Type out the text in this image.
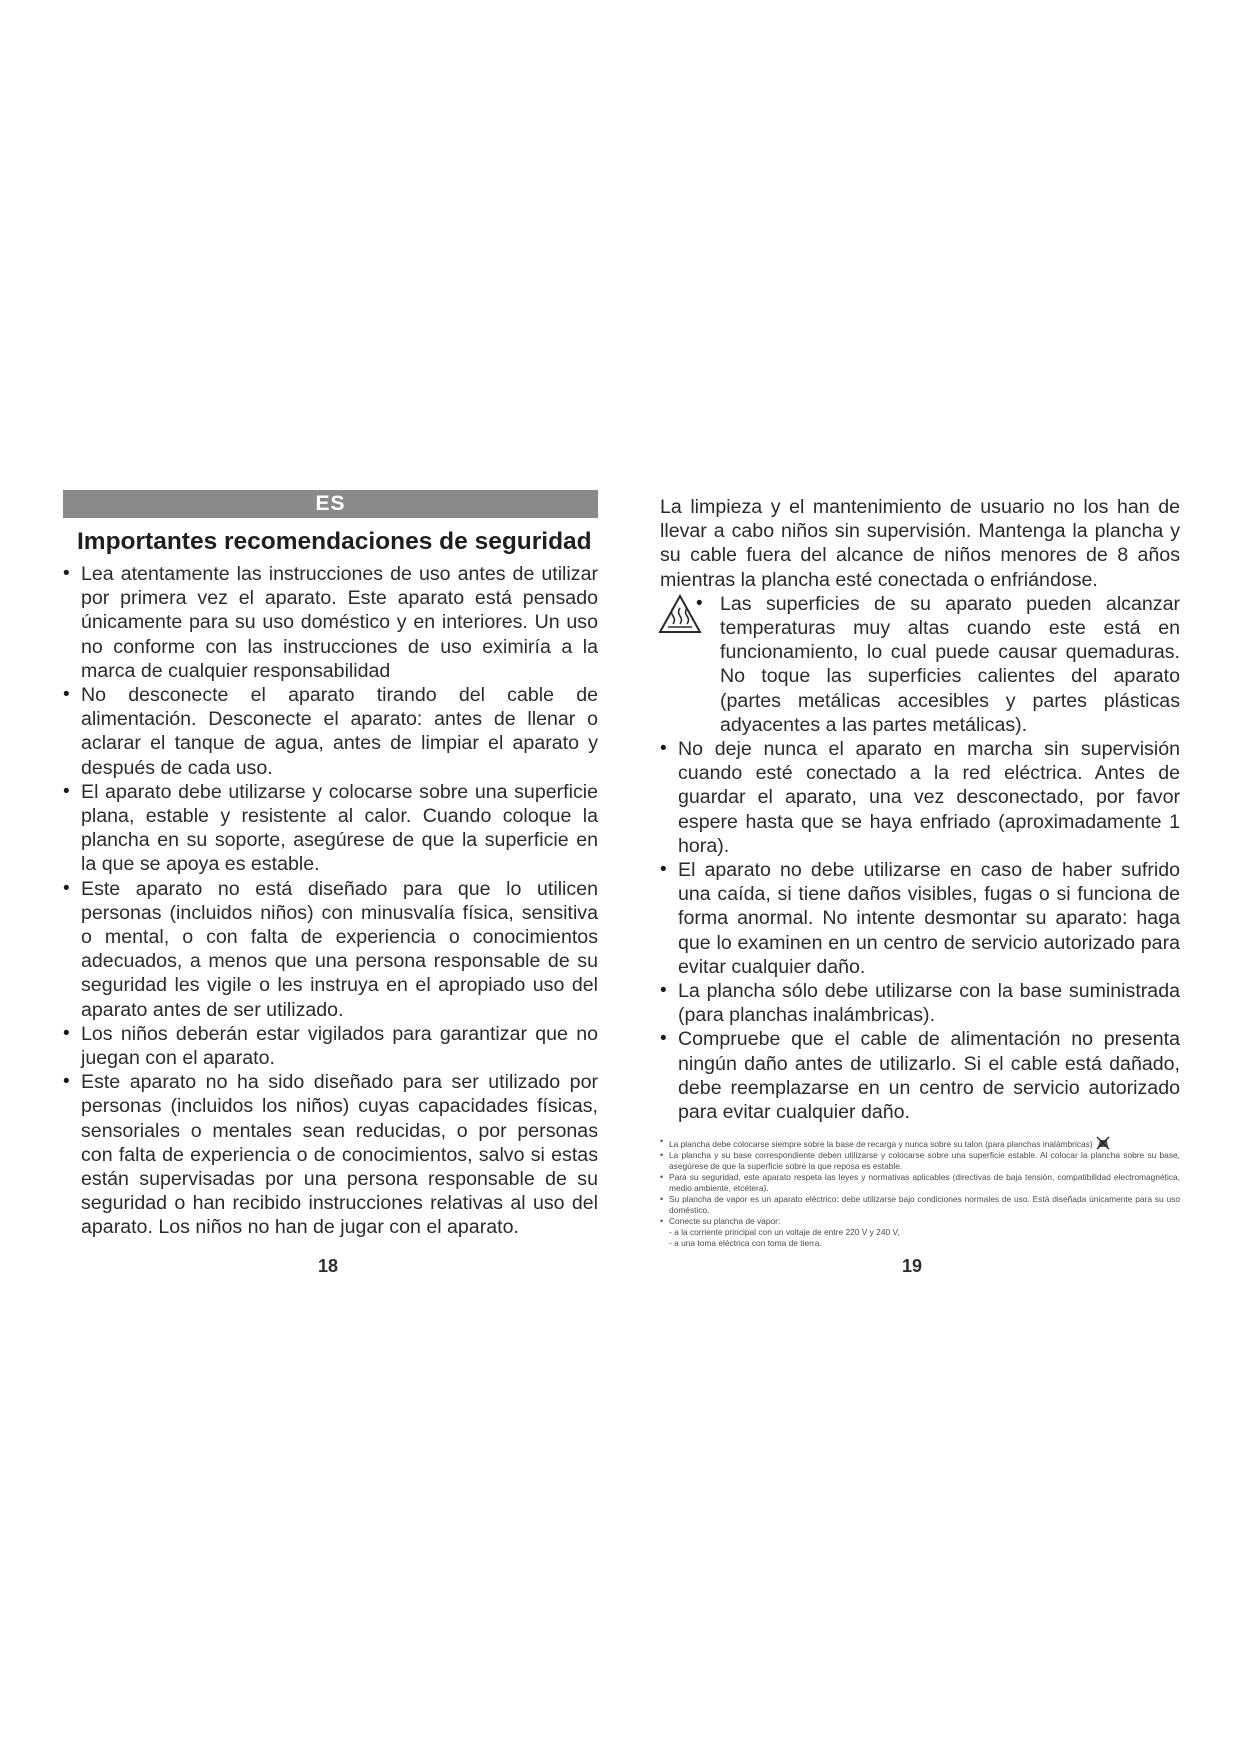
ES
Importantes recomendaciones de seguridad
• Lea atentamente las instrucciones de uso antes de utilizar por primera vez el aparato. Este aparato está pensado únicamente para su uso doméstico y en interiores. Un uso no conforme con las instrucciones de uso eximiría a la marca de cualquier responsabilidad
• No desconecte el aparato tirando del cable de alimentación. Desconecte el aparato: antes de llenar o aclarar el tanque de agua, antes de limpiar el aparato y después de cada uso.
• El aparato debe utilizarse y colocarse sobre una superficie plana, estable y resistente al calor. Cuando coloque la plancha en su soporte, asegúrese de que la superficie en la que se apoya es estable.
• Este aparato no está diseñado para que lo utilicen personas (incluidos niños) con minusvalía física, sensitiva o mental, o con falta de experiencia o conocimientos adecuados, a menos que una persona responsable de su seguridad les vigile o les instruya en el apropiado uso del aparato antes de ser utilizado.
• Los niños deberán estar vigilados para garantizar que no juegan con el aparato.
• Este aparato no ha sido diseñado para ser utilizado por personas (incluidos los niños) cuyas capacidades físicas, sensoriales o mentales sean reducidas, o por personas con falta de experiencia o de conocimientos, salvo si estas están supervisadas por una persona responsable de su seguridad o han recibido instrucciones relativas al uso del aparato. Los niños no han de jugar con el aparato.

La limpieza y el mantenimiento de usuario no los han de llevar a cabo niños sin supervisión. Mantenga la plancha y su cable fuera del alcance de niños menores de 8 años mientras la plancha esté conectada o enfriándose.

• Las superficies de su aparato pueden alcanzar temperaturas muy altas cuando este está en funcionamiento, lo cual puede causar quemaduras. No toque las superficies calientes del aparato (partes metálicas accesibles y partes plásticas adyacentes a las partes metálicas).
• No deje nunca el aparato en marcha sin supervisión cuando esté conectado a la red eléctrica. Antes de guardar el aparato, una vez desconectado, por favor espere hasta que se haya enfriado (aproximadamente 1 hora).
• El aparato no debe utilizarse en caso de haber sufrido una caída, si tiene daños visibles, fugas o si funciona de forma anormal. No intente desmontar su aparato: haga que lo examinen en un centro de servicio autorizado para evitar cualquier daño.
• La plancha sólo debe utilizarse con la base suministrada (para planchas inalámbricas).
• Compruebe que el cable de alimentación no presenta ningún daño antes de utilizarlo. Si el cable está dañado, debe reemplazarse en un centro de servicio autorizado para evitar cualquier daño.
• La plancha debe colocarse siempre sobre la base de recarga y nunca sobre su talon (para planchas inalámbricas)
• La plancha y su base correspondiente deben utilizarse y colocarse sobre una superficie estable. Al colocar la plancha sobre su base, asegúrese de que la superficie sobre la que reposa es estable.
• Para su seguridad, este aparato respeta las leyes y normativas aplicables (directivas de baja tensión, compatibilidad electromagnética, medio ambiente, etcétera).
• Su plancha de vapor es un aparato eléctrico: debe utilizarse bajo condiciones normales de uso. Está diseñada únicamente para su uso doméstico.
• Conecte su plancha de vapor:
- a la corriente principal con un voltaje de entre 220 V y 240 V,
- a una toma eléctrica con toma de tierra.
18	19
